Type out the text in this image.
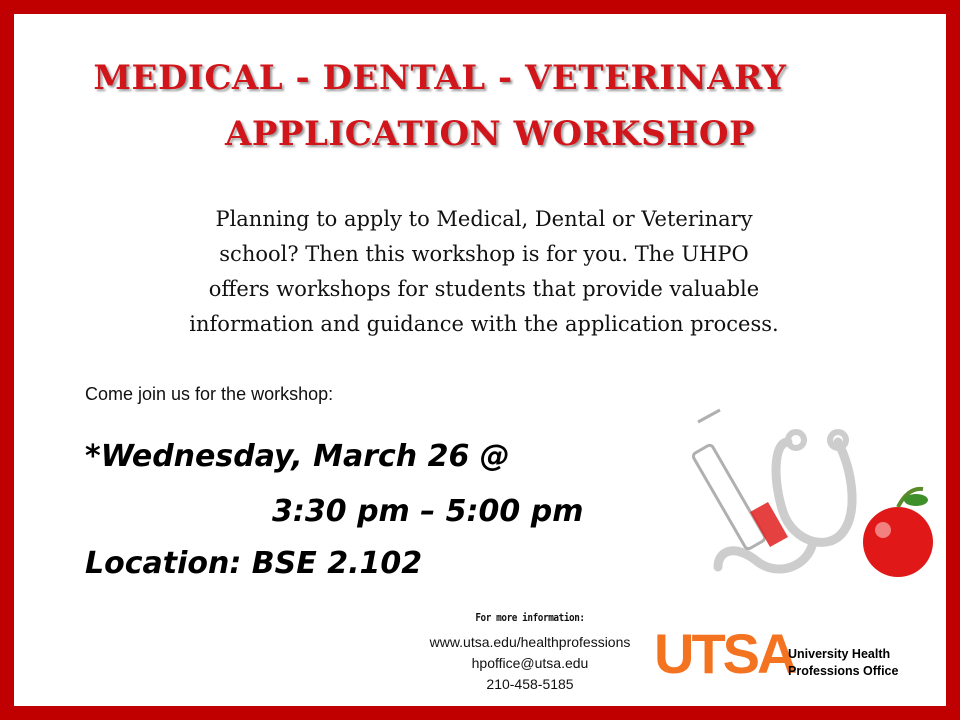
MEDICAL - DENTAL - VETERINARY
APPLICATION WORKSHOP
Planning to apply to Medical, Dental or Veterinary
school? Then this workshop is for you. The UHPO
offers workshops for students that provide valuable
information and guidance with the application process.
Come join us for the workshop:
*Wednesday, March 26 @
3:30 pm – 5:00 pm
Location: BSE 2.102
For more information:
www.utsa.edu/healthprofessions
hpoffice@utsa.edu
210-458-5185	UTSA
University Health
Professions Office
